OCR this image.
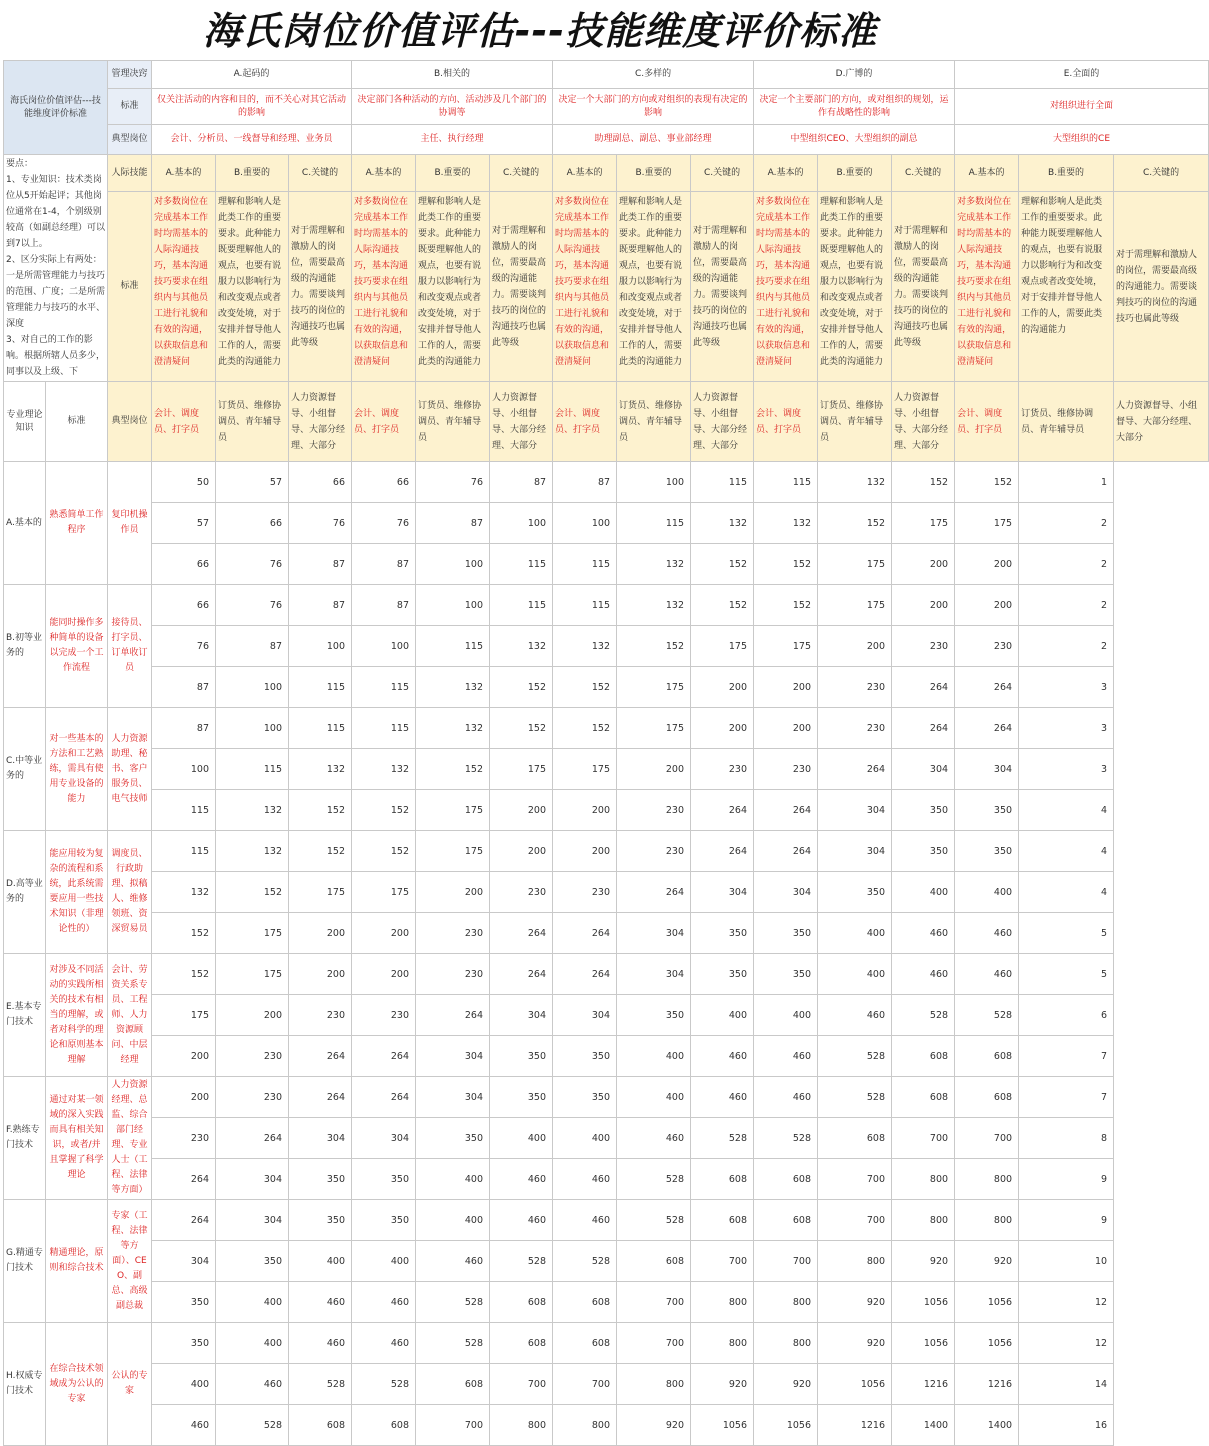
海氏岗位价值评估---技能维度评价标准
海氏岗位价值评估---技能维度评价标准		管理决窍	A.起码的			B.相关的			C.多样的			D.广博的			E.全面的		
		标准	仅关注活动的内容和目的，而不关心对其它活动的影响			决定部门各种活动的方向、活动涉及几个部门的协调等			决定一个大部门的方向或对组织的表现有决定的影响			决定一个主要部门的方向，或对组织的规划，运作有战略性的影响			对组织进行全面		
		典型岗位	会计、分析员、一线督导和经理、业务员			主任、执行经理			助理副总、副总、事业部经理			中型组织CEO、大型组织的副总			大型组织的CE		
要点：
1、专业知识：技术类岗位从5开始起评；其他岗位通常在1-4，个别级别较高（如副总经理）可以到7以上。
2、区分实际上有两处：一是所需管理能力与技巧的范围、广度；二是所需管理能力与技巧的水平、深度
3、对自己的工作的影响。根据所辖人员多少，同事以及上级、下		人际技能	A.基本的	B.重要的	C.关键的	A.基本的	B.重要的	C.关键的	A.基本的	B.重要的	C.关键的	A.基本的	B.重要的	C.关键的	A.基本的	B.重要的	C.关键的
		标准	对多数岗位在完成基本工作时均需基本的人际沟通技巧，基本沟通技巧要求在组织内与其他员工进行礼貌和有效的沟通，以获取信息和澄清疑问	理解和影响人是此类工作的重要要求。此种能力既要理解他人的观点，也要有说服力以影响行为和改变观点或者改变处境，对于安排并督导他人工作的人，需要此类的沟通能力	对于需理解和激励人的岗位，需要最高级的沟通能力。需要谈判技巧的岗位的沟通技巧也属此等级	对多数岗位在完成基本工作时均需基本的人际沟通技巧，基本沟通技巧要求在组织内与其他员工进行礼貌和有效的沟通，以获取信息和澄清疑问	理解和影响人是此类工作的重要要求。此种能力既要理解他人的观点，也要有说服力以影响行为和改变观点或者改变处境，对于安排并督导他人工作的人，需要此类的沟通能力	对于需理解和激励人的岗位，需要最高级的沟通能力。需要谈判技巧的岗位的沟通技巧也属此等级	对多数岗位在完成基本工作时均需基本的人际沟通技巧，基本沟通技巧要求在组织内与其他员工进行礼貌和有效的沟通，以获取信息和澄清疑问	理解和影响人是此类工作的重要要求。此种能力既要理解他人的观点，也要有说服力以影响行为和改变观点或者改变处境，对于安排并督导他人工作的人，需要此类的沟通能力	对于需理解和激励人的岗位，需要最高级的沟通能力。需要谈判技巧的岗位的沟通技巧也属此等级	对多数岗位在完成基本工作时均需基本的人际沟通技巧，基本沟通技巧要求在组织内与其他员工进行礼貌和有效的沟通，以获取信息和澄清疑问	理解和影响人是此类工作的重要要求。此种能力既要理解他人的观点，也要有说服力以影响行为和改变观点或者改变处境，对于安排并督导他人工作的人，需要此类的沟通能力	对于需理解和激励人的岗位，需要最高级的沟通能力。需要谈判技巧的岗位的沟通技巧也属此等级	对多数岗位在完成基本工作时均需基本的人际沟通技巧，基本沟通技巧要求在组织内与其他员工进行礼貌和有效的沟通，以获取信息和澄清疑问	理解和影响人是此类工作的重要要求。此种能力既要理解他人的观点，也要有说服力以影响行为和改变观点或者改变处境，对于安排并督导他人工作的人，需要此类的沟通能力	对于需理解和激励人的岗位，需要最高级的沟通能力。需要谈判技巧的岗位的沟通技巧也属此等级
专业理论知识	标准	典型岗位	会计、调度员、打字员	订货员、维修协调员、青年辅导员	人力资源督导、小组督导、大部分经理、大部分	会计、调度员、打字员	订货员、维修协调员、青年辅导员	人力资源督导、小组督导、大部分经理、大部分	会计、调度员、打字员	订货员、维修协调员、青年辅导员	人力资源督导、小组督导、大部分经理、大部分	会计、调度员、打字员	订货员、维修协调员、青年辅导员	人力资源督导、小组督导、大部分经理、大部分	会计、调度员、打字员	订货员、维修协调员、青年辅导员	人力资源督导、小组督导、大部分经理、大部分
A.基本的	熟悉简单工作程序	复印机操作员	50	57	66	66	76	87	87	100	115	115	132	152	152	1	
			57	66	76	76	87	100	100	115	132	132	152	175	175	2	
			66	76	87	87	100	115	115	132	152	152	175	200	200	2	
B.初等业务的	能同时操作多种简单的设备以完成一个工作流程	接待员、打字员、订单收订员	66	76	87	87	100	115	115	132	152	152	175	200	200	2	
			76	87	100	100	115	132	132	152	175	175	200	230	230	2	
			87	100	115	115	132	152	152	175	200	200	230	264	264	3	
C.中等业务的	对一些基本的方法和工艺熟练，需具有使用专业设备的能力	人力资源助理、秘书、客户服务员、电气技师	87	100	115	115	132	152	152	175	200	200	230	264	264	3	
			100	115	132	132	152	175	175	200	230	230	264	304	304	3	
			115	132	152	152	175	200	200	230	264	264	304	350	350	4	
D.高等业务的	能应用较为复杂的流程和系统，此系统需要应用一些技术知识（非理论性的）	调度员、行政助理、拟稿人、维修领班、资深贸易员	115	132	152	152	175	200	200	230	264	264	304	350	350	4	
			132	152	175	175	200	230	230	264	304	304	350	400	400	4	
			152	175	200	200	230	264	264	304	350	350	400	460	460	5	
E.基本专门技术	对涉及不同活动的实践所相关的技术有相当的理解，或者对科学的理论和原则基本理解	会计、劳资关系专员、工程师、人力资源顾问、中层经理	152	175	200	200	230	264	264	304	350	350	400	460	460	5	
			175	200	230	230	264	304	304	350	400	400	460	528	528	6	
			200	230	264	264	304	350	350	400	460	460	528	608	608	7	
F.熟练专门技术	通过对某一领域的深入实践而具有相关知识，或者/并且掌握了科学理论	人力资源经理、总监、综合部门经理、专业人士（工程、法律等方面）	200	230	264	264	304	350	350	400	460	460	528	608	608	7	
			230	264	304	304	350	400	400	460	528	528	608	700	700	8	
			264	304	350	350	400	460	460	528	608	608	700	800	800	9	
G.精通专门技术	精通理论，原则和综合技术	专家（工程、法律等方面）、CEO、副总、高级副总裁	264	304	350	350	400	460	460	528	608	608	700	800	800	9	
			304	350	400	400	460	528	528	608	700	700	800	920	920	10	
			350	400	460	460	528	608	608	700	800	800	920	1056	1056	12	
H.权威专门技术	在综合技术领域成为公认的专家	公认的专家	350	400	460	460	528	608	608	700	800	800	920	1056	1056	12	
			400	460	528	528	608	700	700	800	920	920	1056	1216	1216	14	
			460	528	608	608	700	800	800	920	1056	1056	1216	1400	1400	16	
